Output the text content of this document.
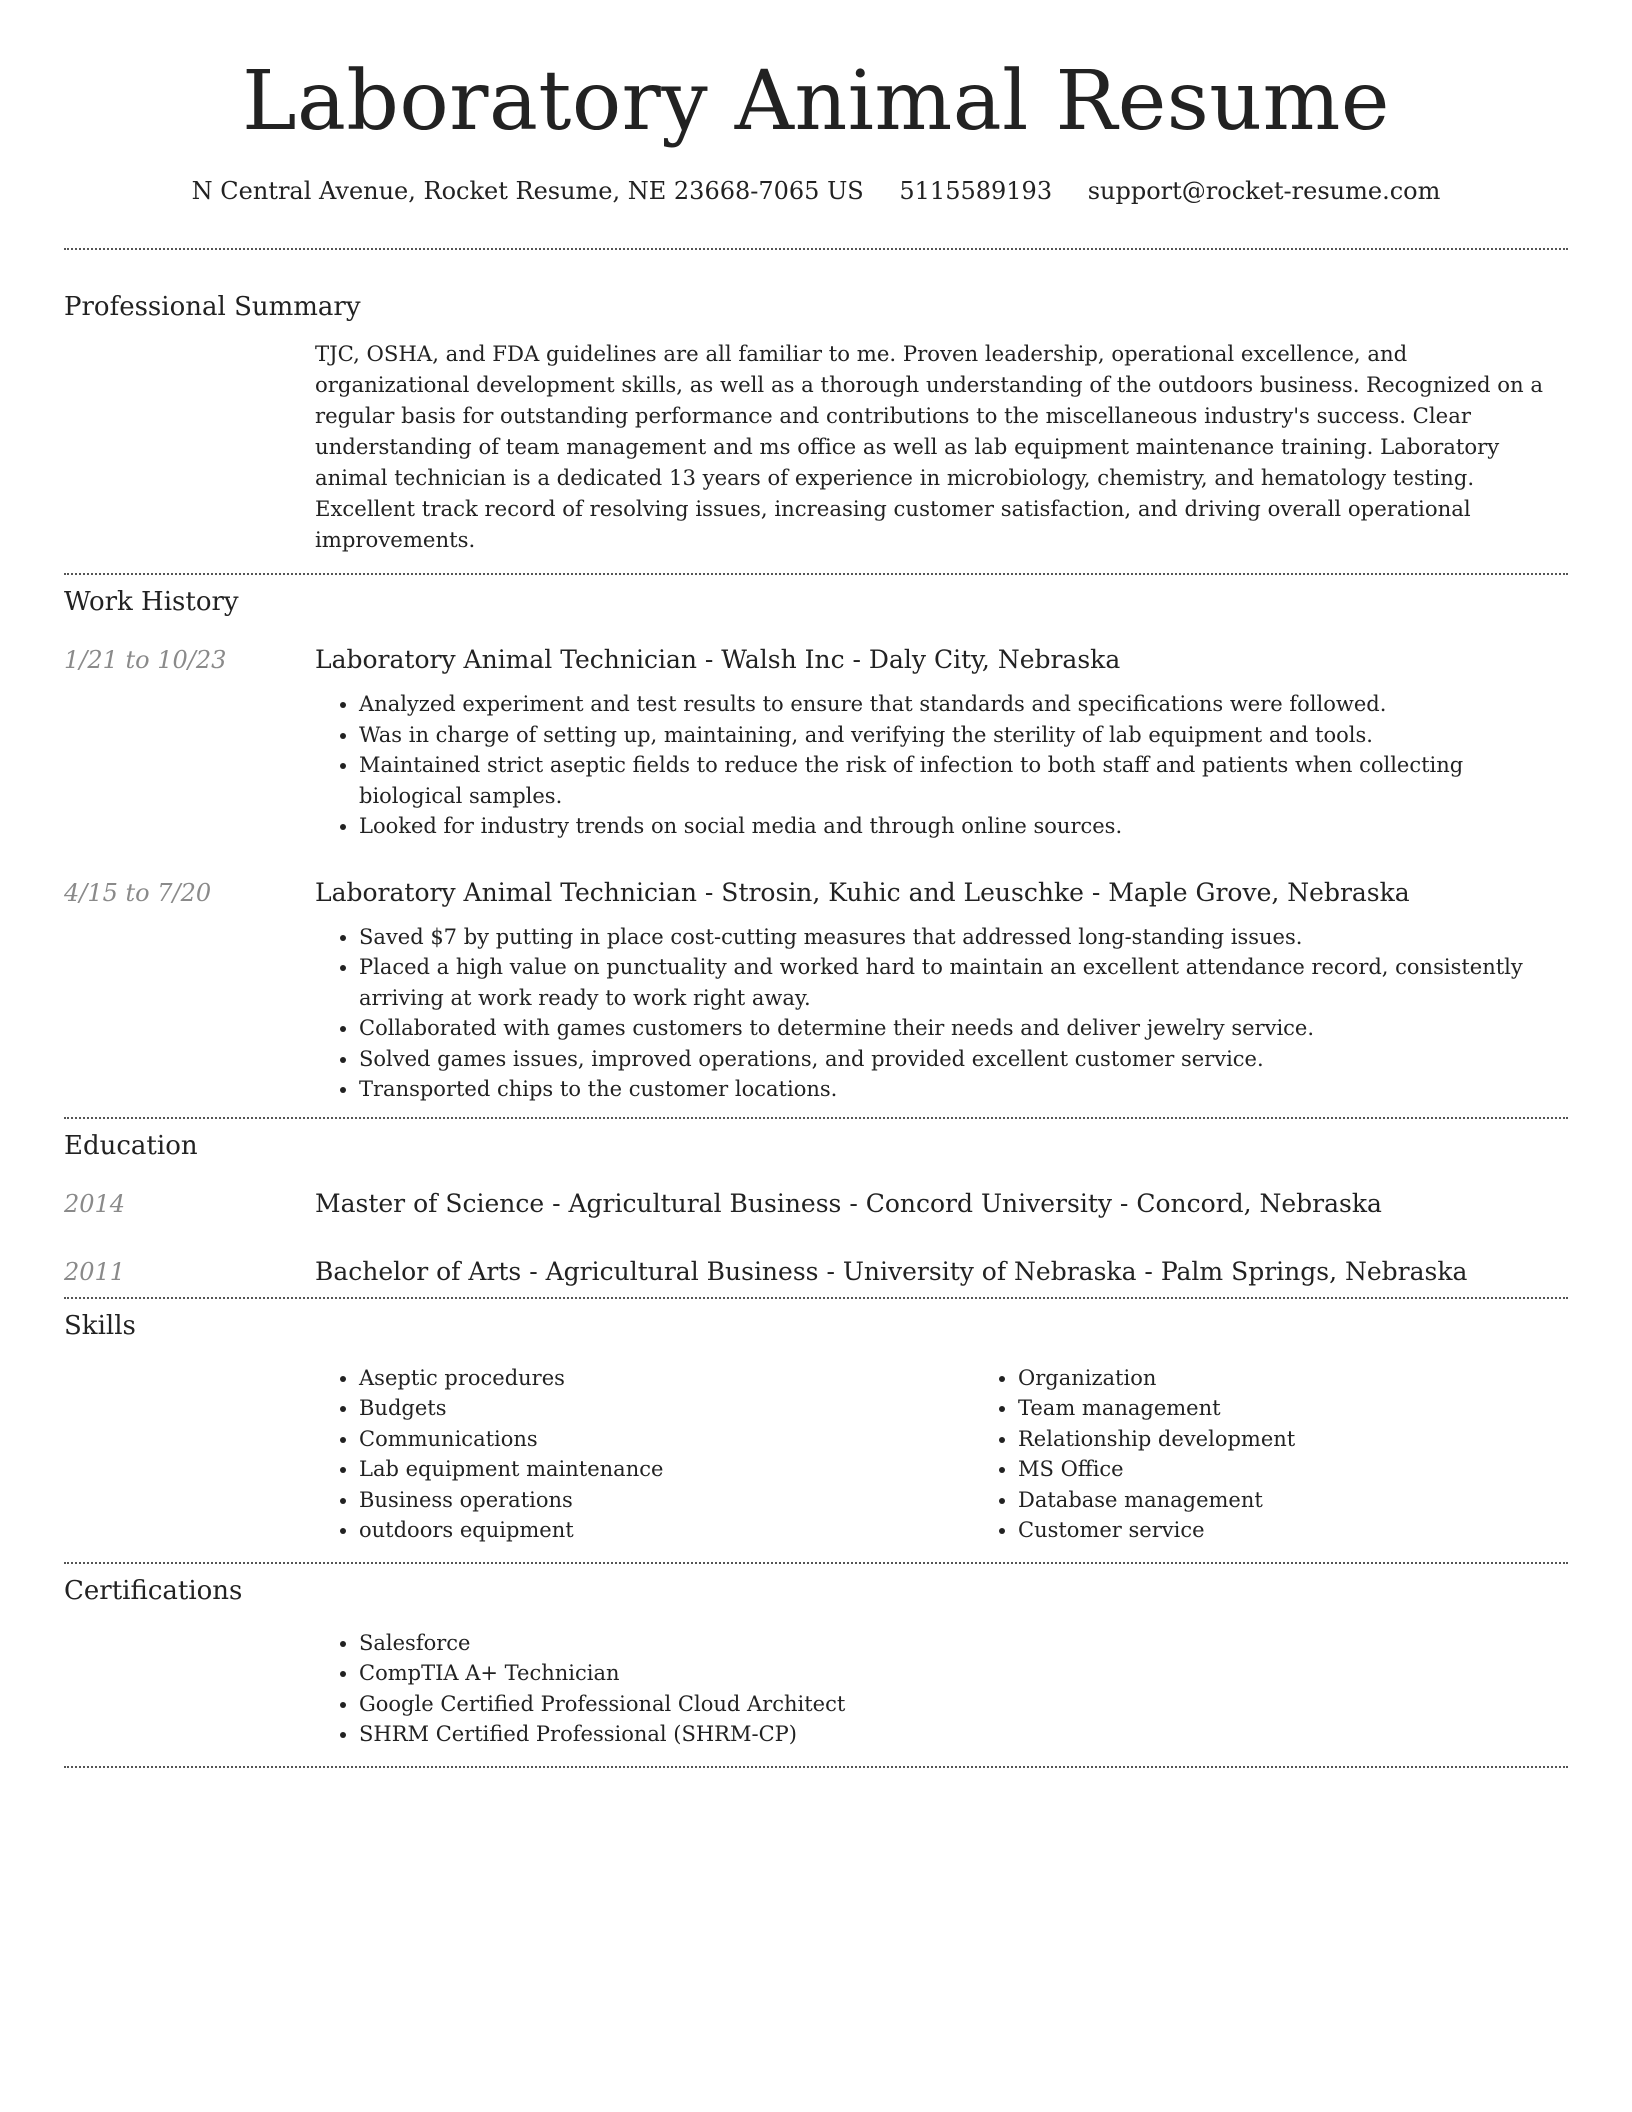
Laboratory Animal Resume
N Central Avenue, Rocket Resume, NE 23668-7065 US 5115589193 support@rocket-resume.com
Professional Summary
TJC, OSHA, and FDA guidelines are all familiar to me. Proven leadership, operational excellence, and organizational development skills, as well as a thorough understanding of the outdoors business. Recognized on a regular basis for outstanding performance and contributions to the miscellaneous industry's success. Clear understanding of team management and ms office as well as lab equipment maintenance training. Laboratory animal technician is a dedicated 13 years of experience in microbiology, chemistry, and hematology testing. Excellent track record of resolving issues, increasing customer satisfaction, and driving overall operational improvements.
Work History
1/21 to 10/23	Laboratory Animal Technician - Walsh Inc - Daly City, Nebraska
• Analyzed experiment and test results to ensure that standards and specifications were followed.
• Was in charge of setting up, maintaining, and verifying the sterility of lab equipment and tools.
• Maintained strict aseptic fields to reduce the risk of infection to both staff and patients when collecting biological samples.
• Looked for industry trends on social media and through online sources.
4/15 to 7/20	Laboratory Animal Technician - Strosin, Kuhic and Leuschke - Maple Grove, Nebraska
• Saved $7 by putting in place cost-cutting measures that addressed long-standing issues.
• Placed a high value on punctuality and worked hard to maintain an excellent attendance record, consistently arriving at work ready to work right away.
• Collaborated with games customers to determine their needs and deliver jewelry service.
• Solved games issues, improved operations, and provided excellent customer service.
• Transported chips to the customer locations.
Education
2014	Master of Science - Agricultural Business - Concord University - Concord, Nebraska
2011	Bachelor of Arts - Agricultural Business - University of Nebraska - Palm Springs, Nebraska
Skills
• Aseptic procedures
• Budgets
• Communications
• Lab equipment maintenance
• Business operations
• outdoors equipment
• Organization
• Team management
• Relationship development
• MS Office
• Database management
• Customer service
Certifications
• Salesforce
• CompTIA A+ Technician
• Google Certified Professional Cloud Architect
• SHRM Certified Professional (SHRM-CP)
